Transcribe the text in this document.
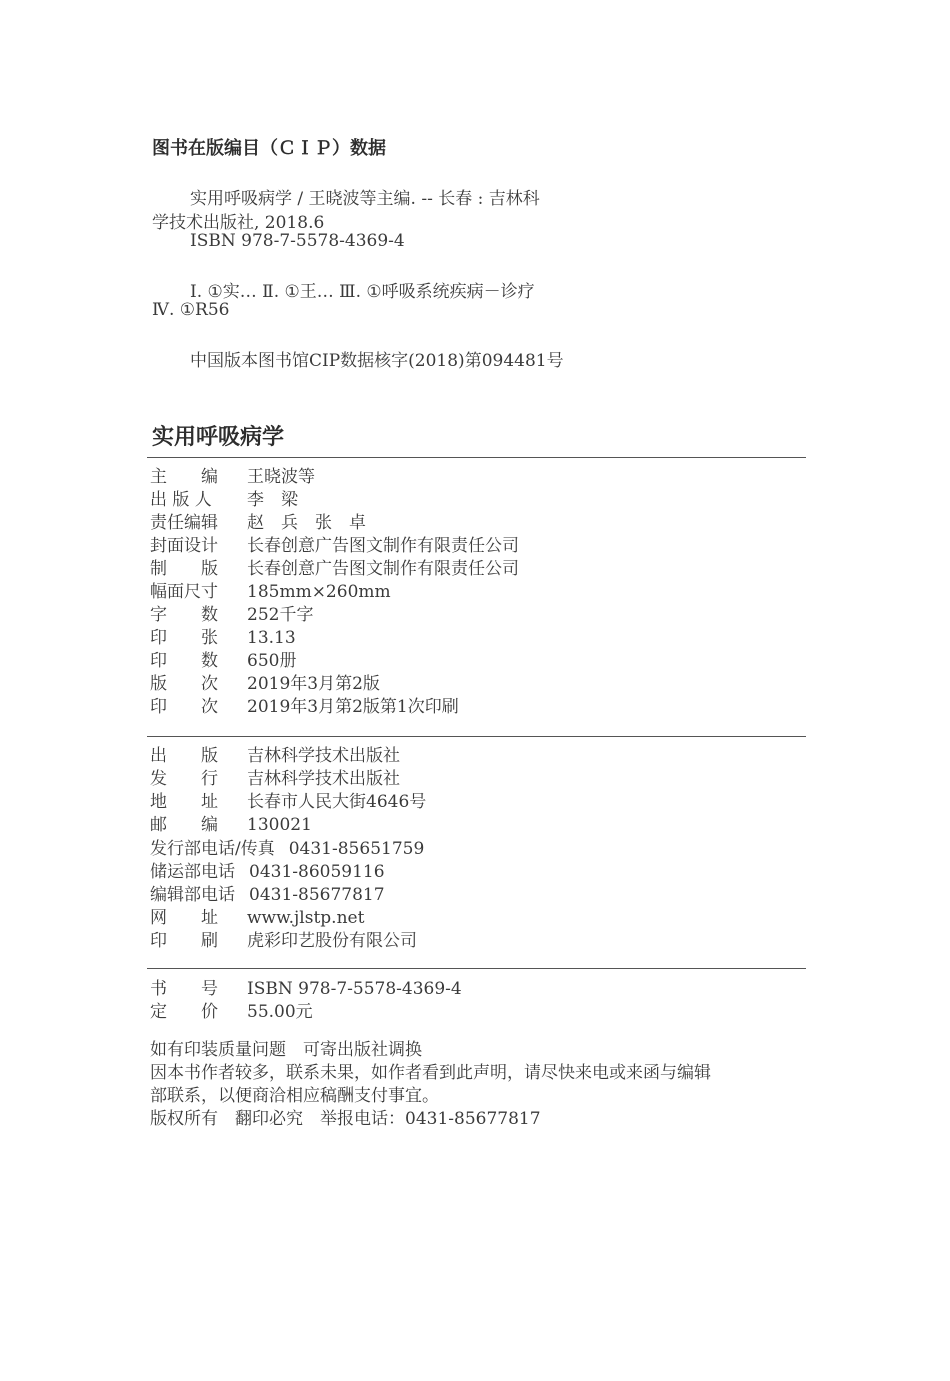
图书在版编目（ＣＩＰ）数据
实用呼吸病学 / 王晓波等主编. -- 长春 : 吉林科
学技术出版社, 2018.6
ISBN 978-7-5578-4369-4
Ⅰ. ①实… Ⅱ. ①王… Ⅲ. ①呼吸系统疾病－诊疗
Ⅳ. ①R56
中国版本图书馆CIP数据核字(2018)第094481号
实用呼吸病学
主　　编 王晓波等
出 版 人 李　梁
责任编辑 赵　兵　张　卓
封面设计 长春创意广告图文制作有限责任公司
制　　版 长春创意广告图文制作有限责任公司
幅面尺寸 185mm×260mm
字　　数 252千字
印　　张 13.13
印　　数 650册
版　　次 2019年3月第2版
印　　次 2019年3月第2版第1次印刷
出　　版 吉林科学技术出版社
发　　行 吉林科学技术出版社
地　　址 长春市人民大街4646号
邮　　编 130021
发行部电话/传真 0431-85651759
储运部电话 0431-86059116
编辑部电话 0431-85677817
网　　址 www.jlstp.net
印　　刷 虎彩印艺股份有限公司
书　　号 ISBN 978-7-5578-4369-4
定　　价 55.00元
如有印装质量问题　可寄出版社调换
因本书作者较多，联系未果，如作者看到此声明，请尽快来电或来函与编辑
部联系，以便商洽相应稿酬支付事宜。
版权所有　翻印必究　举报电话：0431-85677817
